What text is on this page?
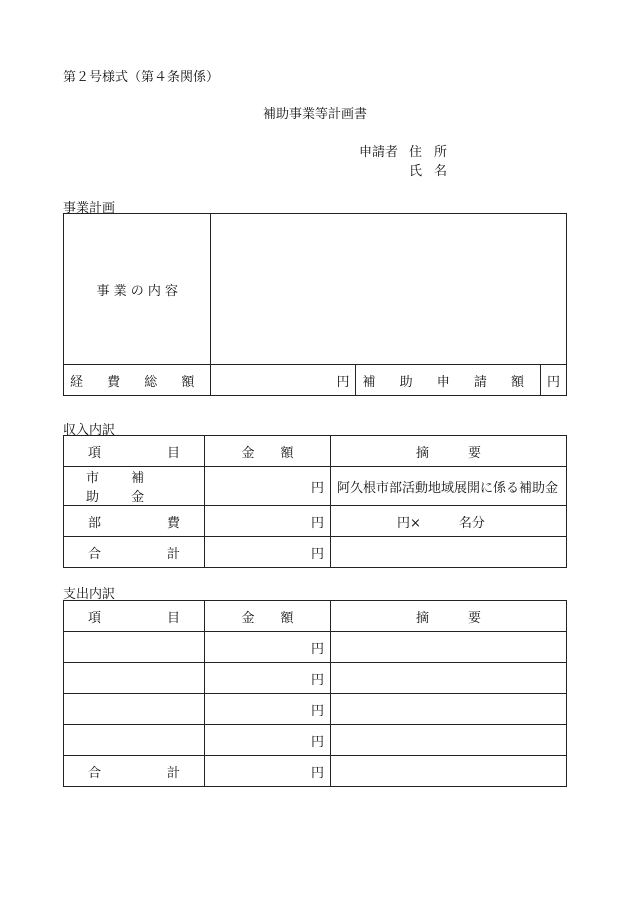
第２号様式（第４条関係）
補助事業等計画書
申請者 住所
氏名
事業計画
事 業 の 内 容			
経 費 総 額	円	補 助 申 請 額	円
収入内訳
項 目	金　　 額	摘　　　 要
市 補 助 金	円	阿久根市部活動地域展開に係る補助金

部 費	円	円× 名分

合 計	円	
支出内訳
項 目	金　　 額	摘　　　 要
	円	
	円	
	円	
	円	

合 計	円	
